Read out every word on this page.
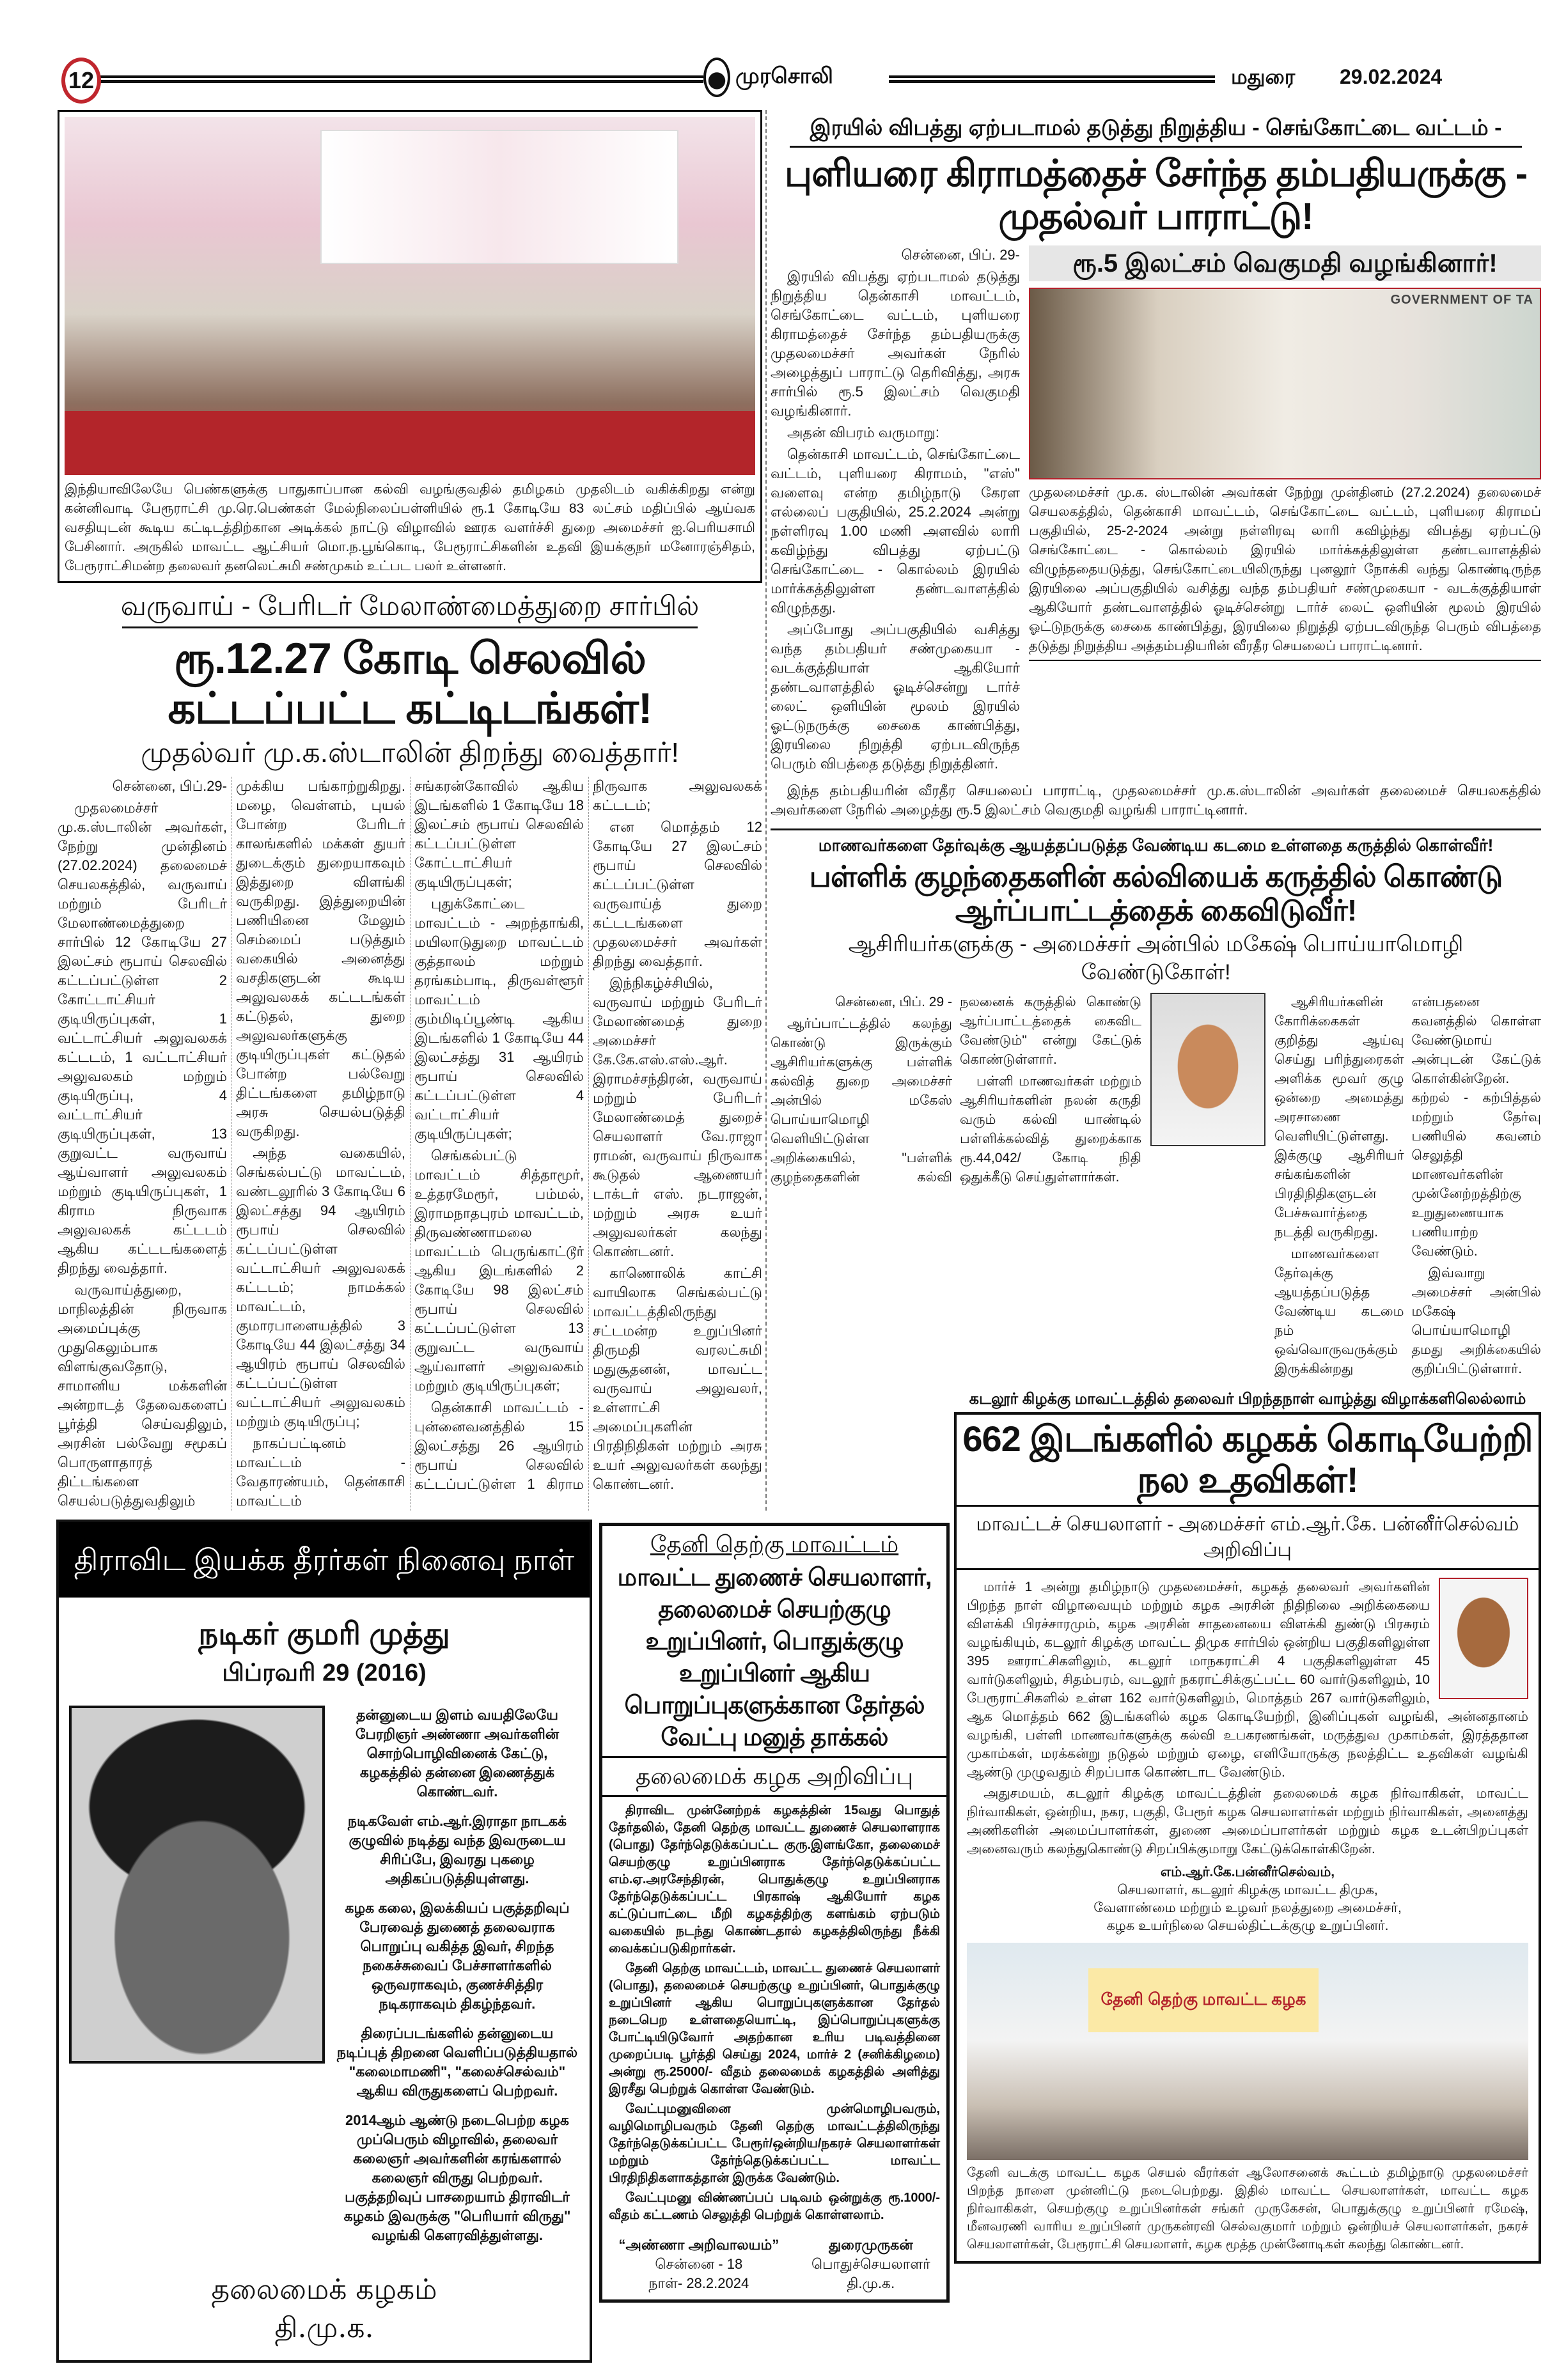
12	முரசொலி	மதுரை 29.02.2024
இந்தியாவிலேயே பெண்களுக்கு பாதுகாப்பான கல்வி வழங்குவதில் தமிழகம் முதலிடம் வகிக்கிறது என்று கன்னிவாடி பேரூராட்சி மு.ரெ.பெண்கள் மேல்நிலைப்பள்ளியில் ரூ.1 கோடியே 83 லட்சம் மதிப்பில் ஆய்வக வசதியுடன் கூடிய கட்டிடத்திற்கான அடிக்கல் நாட்டு விழாவில் ஊரக வளர்ச்சி துறை அமைச்சர் ஐ.பெரியசாமி பேசினார். அருகில் மாவட்ட ஆட்சியர் மொ.ந.பூங்கொடி, பேரூராட்சிகளின் உதவி இயக்குநர் மனோரஞ்சிதம், பேரூராட்சிமன்ற தலைவர் தனலெட்சுமி சண்முகம் உட்பட பலர் உள்ளனர்.
வருவாய் - பேரிடர் மேலாண்மைத்துறை சார்பில்
ரூ.12.27 கோடி செலவில் கட்டப்பட்ட கட்டிடங்கள்!
முதல்வர் மு.க.ஸ்டாலின் திறந்து வைத்தார்!

சென்னை, பிப்.29-

முதலமைச்சர் மு.க.ஸ்டாலின் அவர்கள், நேற்று முன்தினம் (27.02.2024) தலைமைச் செயலகத்தில், வருவாய் மற்றும் பேரிடர் மேலாண்மைத்துறை சார்பில் 12 கோடியே 27 இலட்சம் ரூபாய் செலவில் கட்டப்பட்டுள்ள 2 கோட்டாட்சியர் குடியிருப்புகள், 1 வட்டாட்சியர் அலுவலகக் கட்டடம், 1 வட்டாட்சியர் அலுவலகம் மற்றும் குடியிருப்பு, 4 வட்டாட்சியர் குடியிருப்புகள், 13 குறுவட்ட வருவாய் ஆய்வாளர் அலுவலகம் மற்றும் குடியிருப்புகள், 1 கிராம நிருவாக அலுவலகக் கட்டடம் ஆகிய கட்டடங்களைத் திறந்து வைத்தார்.

வருவாய்த்துறை, மாநிலத்தின் நிருவாக அமைப்புக்கு முதுகெலும்பாக விளங்குவதோடு, சாமானிய மக்களின் அன்றாடத் தேவைகளைப் பூர்த்தி செய்வதிலும், அரசின் பல்வேறு சமூகப் பொருளாதாரத் திட்டங்களை செயல்படுத்துவதிலும் முக்கிய பங்காற்றுகிறது. மழை, வெள்ளம், புயல் போன்ற பேரிடர் காலங்களில் மக்கள் துயர் துடைக்கும் துறையாகவும் இத்துறை விளங்கி வருகிறது. இத்துறையின் பணியினை மேலும் செம்மைப் படுத்தும் வகையில் அனைத்து வசதிகளுடன் கூடிய அலுவலகக் கட்டடங்கள் கட்டுதல், துறை அலுவலர்களுக்கு குடியிருப்புகள் கட்டுதல் போன்ற பல்வேறு திட்டங்களை தமிழ்நாடு அரசு செயல்படுத்தி வருகிறது.

அந்த வகையில், செங்கல்பட்டு மாவட்டம், வண்டலூரில் 3 கோடியே 6 இலட்சத்து 94 ஆயிரம் ரூபாய் செலவில் கட்டப்பட்டுள்ள வட்டாட்சியர் அலுவலகக் கட்டடம்; நாமக்கல் மாவட்டம், குமாரபாளையத்தில் 3 கோடியே 44 இலட்சத்து 34 ஆயிரம் ரூபாய் செலவில் கட்டப்பட்டுள்ள வட்டாட்சியர் அலுவலகம் மற்றும் குடியிருப்பு;

நாகப்பட்டினம் மாவட்டம் - வேதாரண்யம், தென்காசி மாவட்டம் சங்கரன்கோவில் ஆகிய இடங்களில் 1 கோடியே 18 இலட்சம் ரூபாய் செலவில் கட்டப்பட்டுள்ள கோட்டாட்சியர் குடியிருப்புகள்;

புதுக்கோட்டை மாவட்டம் - அறந்தாங்கி, மயிலாடுதுறை மாவட்டம் குத்தாலம் மற்றும் தரங்கம்பாடி, திருவள்ளூர் மாவட்டம் கும்மிடிப்பூண்டி ஆகிய இடங்களில் 1 கோடியே 44 இலட்சத்து 31 ஆயிரம் ரூபாய் செலவில் கட்டப்பட்டுள்ள 4 வட்டாட்சியர் குடியிருப்புகள்;

செங்கல்பட்டு மாவட்டம் சித்தாமூர், உத்தரமேரூர், பம்மல், இராமநாதபுரம் மாவட்டம், திருவண்ணாமலை மாவட்டம் பெருங்காட்டூர் ஆகிய இடங்களில் 2 கோடியே 98 இலட்சம் ரூபாய் செலவில் கட்டப்பட்டுள்ள 13 குறுவட்ட வருவாய் ஆய்வாளர் அலுவலகம் மற்றும் குடியிருப்புகள்;

தென்காசி மாவட்டம் - புன்னைவனத்தில் 15 இலட்சத்து 26 ஆயிரம் ரூபாய் செலவில் கட்டப்பட்டுள்ள 1 கிராம நிருவாக அலுவலகக் கட்டடம்;

என மொத்தம் 12 கோடியே 27 இலட்சம் ரூபாய் செலவில் கட்டப்பட்டுள்ள வருவாய்த் துறை கட்டடங்களை முதலமைச்சர் அவர்கள் திறந்து வைத்தார்.

இந்நிகழ்ச்சியில், வருவாய் மற்றும் பேரிடர் மேலாண்மைத் துறை அமைச்சர் கே.கே.எஸ்.எஸ்.ஆர். இராமச்சந்திரன், வருவாய் மற்றும் பேரிடர் மேலாண்மைத் துறைச் செயலாளர் வே.ராஜா ராமன், வருவாய் நிருவாக கூடுதல் ஆணையர் டாக்டர் எஸ். நடராஜன், மற்றும் அரசு உயர் அலுவலர்கள் கலந்து கொண்டனர்.

காணொலிக் காட்சி வாயிலாக செங்கல்பட்டு மாவட்டத்திலிருந்து சட்டமன்ற உறுப்பினர் திருமதி வரலட்சுமி மதுசூதனன், மாவட்ட வருவாய் அலுவலர், உள்ளாட்சி அமைப்புகளின் பிரதிநிதிகள் மற்றும் அரசு உயர் அலுவலர்கள் கலந்து கொண்டனர்.

இரயில் விபத்து ஏற்படாமல் தடுத்து நிறுத்திய - செங்கோட்டை வட்டம் -
புளியரை கிராமத்தைச் சேர்ந்த தம்பதியருக்கு - முதல்வர் பாராட்டு!

சென்னை, பிப். 29-

இரயில் விபத்து ஏற்படாமல் தடுத்து நிறுத்திய தென்காசி மாவட்டம், செங்கோட்டை வட்டம், புளியரை கிராமத்தைச் சேர்ந்த தம்பதியருக்கு முதலமைச்சர் அவர்கள் நேரில் அழைத்துப் பாராட்டு தெரிவித்து, அரசு சார்பில் ரூ.5 இலட்சம் வெகுமதி வழங்கினார்.

அதன் விபரம் வருமாறு:

தென்காசி மாவட்டம், செங்கோட்டை வட்டம், புளியரை கிராமம், "எஸ்" வளைவு என்ற தமிழ்நாடு கேரள எல்லைப் பகுதியில், 25.2.2024 அன்று நள்ளிரவு 1.00 மணி அளவில் லாரி கவிழ்ந்து விபத்து ஏற்பட்டு செங்கோட்டை - கொல்லம் இரயில் மார்க்கத்திலுள்ள தண்டவாளத்தில் விழுந்தது.

அப்போது அப்பகுதியில் வசித்து வந்த தம்பதியர் சண்முகையா - வடக்குத்தியாள் ஆகியோர் தண்டவாளத்தில் ஓடிச்சென்று டார்ச் லைட் ஒளியின் மூலம் இரயில் ஓட்டுநருக்கு சைகை காண்பித்து, இரயிலை நிறுத்தி ஏற்படவிருந்த பெரும் விபத்தை தடுத்து நிறுத்தினர்.

ரூ.5 இலட்சம் வெகுமதி வழங்கினார்!
GOVERNMENT OF TA
முதலமைச்சர் மு.க. ஸ்டாலின் அவர்கள் நேற்று முன்தினம் (27.2.2024) தலைமைச் செயலகத்தில், தென்காசி மாவட்டம், செங்கோட்டை வட்டம், புளியரை கிராமப் பகுதியில், 25-2-2024 அன்று நள்ளிரவு லாரி கவிழ்ந்து விபத்து ஏற்பட்டு செங்கோட்டை - கொல்லம் இரயில் மார்க்கத்திலுள்ள தண்டவாளத்தில் விழுந்ததையடுத்து, செங்கோட்டையிலிருந்து புனலூர் நோக்கி வந்து கொண்டிருந்த இரயிலை அப்பகுதியில் வசித்து வந்த தம்பதியர் சண்முகையா - வடக்குத்தியாள் ஆகியோர் தண்டவாளத்தில் ஓடிச்சென்று டார்ச் லைட் ஒளியின் மூலம் இரயில் ஓட்டுநருக்கு சைகை காண்பித்து, இரயிலை நிறுத்தி ஏற்படவிருந்த பெரும் விபத்தை தடுத்து நிறுத்திய அத்தம்பதியரின் வீரதீர செயலைப் பாராட்டினார்.

இந்த தம்பதியரின் வீரதீர செயலைப் பாராட்டி, முதலமைச்சர் மு.க.ஸ்டாலின் அவர்கள் தலைமைச் செயலகத்தில் அவர்களை நேரில் அழைத்து ரூ.5 இலட்சம் வெகுமதி வழங்கி பாராட்டினார்.

மாணவர்களை தேர்வுக்கு ஆயத்தப்படுத்த வேண்டிய கடமை உள்ளதை கருத்தில் கொள்வீர்!
பள்ளிக் குழந்தைகளின் கல்வியைக் கருத்தில் கொண்டு ஆர்ப்பாட்டத்தைக் கைவிடுவீர்!
ஆசிரியர்களுக்கு - அமைச்சர் அன்பில் மகேஷ் பொய்யாமொழி வேண்டுகோள்!

சென்னை, பிப். 29 -

ஆர்ப்பாட்டத்தில் கலந்து கொண்டு இருக்கும் ஆசிரியர்களுக்கு பள்ளிக் கல்வித் துறை அமைச்சர் அன்பில் மகேஸ் பொய்யாமொழி வெளியிட்டுள்ள அறிக்கையில், "பள்ளிக் குழந்தைகளின் கல்வி நலனைக் கருத்தில் கொண்டு ஆர்ப்பாட்டத்தைக் கைவிட வேண்டும்" என்று கேட்டுக் கொண்டுள்ளார்.

பள்ளி மாணவர்கள் மற்றும் ஆசிரியர்களின் நலன் கருதி வரும் கல்வி யாண்டில் பள்ளிக்கல்வித் துறைக்காக ரூ.44,042/ கோடி நிதி ஒதுக்கீடு செய்துள்ளார்கள்.

ஆசிரியர்களின் கோரிக்கைகள் குறித்து ஆய்வு செய்து பரிந்துரைகள் அளிக்க மூவர் குழு ஒன்றை அமைத்து அரசாணை வெளியிட்டுள்ளது. இக்குழு ஆசிரியர் சங்கங்களின் பிரதிநிதிகளுடன் பேச்சுவார்த்தை நடத்தி வருகிறது.

மாணவர்களை தேர்வுக்கு ஆயத்தப்படுத்த வேண்டிய கடமை நம் ஒவ்வொருவருக்கும் இருக்கின்றது என்பதனை கவனத்தில் கொள்ள வேண்டுமாய் அன்புடன் கேட்டுக் கொள்கின்றேன். கற்றல் - கற்பித்தல் மற்றும் தேர்வு பணியில் கவனம் செலுத்தி மாணவர்களின் முன்னேற்றத்திற்கு உறுதுணையாக பணியாற்ற வேண்டும்.

இவ்வாறு அமைச்சர் அன்பில் மகேஷ் பொய்யாமொழி தமது அறிக்கையில் குறிப்பிட்டுள்ளார்.

கடலூர் கிழக்கு மாவட்டத்தில் தலைவர் பிறந்தநாள் வாழ்த்து விழாக்களிலெல்லாம்
662 இடங்களில் கழகக் கொடியேற்றி நல உதவிகள்!
மாவட்டச் செயலாளர் - அமைச்சர் எம்.ஆர்.கே. பன்னீர்செல்வம் அறிவிப்பு

மார்ச் 1 அன்று தமிழ்நாடு முதலமைச்சர், கழகத் தலைவர் அவர்களின் பிறந்த நாள் விழாவையும் மற்றும் கழக அரசின் நிதிநிலை அறிக்கையை விளக்கி பிரச்சாரமும், கழக அரசின் சாதனையை விளக்கி துண்டு பிரசுரம் வழங்கியும், கடலூர் கிழக்கு மாவட்ட திமுக சார்பில் ஒன்றிய பகுதிகளிலுள்ள 395 ஊராட்சிகளிலும், கடலூர் மாநகராட்சி 4 பகுதிகளிலுள்ள 45 வார்டுகளிலும், சிதம்பரம், வடலூர் நகராட்சிக்குட்பட்ட 60 வார்டுகளிலும், 10 பேரூராட்சிகளில் உள்ள 162 வார்டுகளிலும், மொத்தம் 267 வார்டுகளிலும், ஆக மொத்தம் 662 இடங்களில் கழக கொடியேற்றி, இனிப்புகள் வழங்கி, அன்னதானம் வழங்கி, பள்ளி மாணவர்களுக்கு கல்வி உபகரணங்கள், மருத்துவ முகாம்கள், இரத்ததான முகாம்கள், மரக்கன்று நடுதல் மற்றும் ஏழை, எளியோருக்கு நலத்திட்ட உதவிகள் வழங்கி ஆண்டு முழுவதும் சிறப்பாக கொண்டாட வேண்டும்.

அதுசமயம், கடலூர் கிழக்கு மாவட்டத்தின் தலைமைக் கழக நிர்வாகிகள், மாவட்ட நிர்வாகிகள், ஒன்றிய, நகர, பகுதி, பேரூர் கழக செயலாளர்கள் மற்றும் நிர்வாகிகள், அனைத்து அணிகளின் அமைப்பாளர்கள், துணை அமைப்பாளர்கள் மற்றும் கழக உடன்பிறப்புகள் அனைவரும் கலந்துகொண்டு சிறப்பிக்குமாறு கேட்டுக்கொள்கிறேன்.

எம்.ஆர்.கே.பன்னீர்செல்வம்,
செயலாளர், கடலூர் கிழக்கு மாவட்ட திமுக,
வேளாண்மை மற்றும் உழவர் நலத்துறை அமைச்சர்,
கழக உயர்நிலை செயல்திட்டக்குழு உறுப்பினர்.
தேனி தெற்கு மாவட்ட கழக
தேனி வடக்கு மாவட்ட கழக செயல் வீரர்கள் ஆலோசனைக் கூட்டம் தமிழ்நாடு முதலமைச்சர் பிறந்த நாளை முன்னிட்டு நடைபெற்றது. இதில் மாவட்ட செயலாளர்கள், மாவட்ட கழக நிர்வாகிகள், செயற்குழு உறுப்பினர்கள் சங்கர் முருகேசன், பொதுக்குழு உறுப்பினர் ரமேஷ், மீனவரணி வாரிய உறுப்பினர் முருகன்ரவி செல்வகுமார் மற்றும் ஒன்றியச் செயலாளர்கள், நகரச் செயலாளர்கள், பேரூராட்சி செயலாளர், கழக மூத்த முன்னோடிகள் கலந்து கொண்டனர்.
திராவிட இயக்க தீரர்கள் நினைவு நாள்
நடிகர் குமரி முத்து
பிப்ரவரி 29 (2016)

தன்னுடைய இளம் வயதிலேயே பேரறிஞர் அண்ணா அவர்களின் சொற்பொழிவினைக் கேட்டு, கழகத்தில் தன்னை இணைத்துக் கொண்டவர்.

நடிகவேள் எம்.ஆர்.இராதா நாடகக் குழுவில் நடித்து வந்த இவருடைய சிரிப்பே, இவரது புகழை அதிகப்படுத்தியுள்ளது.

கழக கலை, இலக்கியப் பகுத்தறிவுப் பேரவைத் துணைத் தலைவராக பொறுப்பு வகித்த இவர், சிறந்த நகைச்சுவைப் பேச்சாளர்களில் ஒருவராகவும், குணச்சித்திர நடிகராகவும் திகழ்ந்தவர்.

திரைப்படங்களில் தன்னுடைய நடிப்புத் திறனை வெளிப்படுத்தியதால் "கலைமாமணி", "கலைச்செல்வம்" ஆகிய விருதுகளைப் பெற்றவர்.

2014ஆம் ஆண்டு நடைபெற்ற கழக முப்பெரும் விழாவில், தலைவர் கலைஞர் அவர்களின் கரங்களால் கலைஞர் விருது பெற்றவர்.

பகுத்தறிவுப் பாசறையாம் திராவிடர் கழகம் இவருக்கு "பெரியார் விருது" வழங்கி கௌரவித்துள்ளது.

தலைமைக் கழகம்
தி.மு.க.
தேனி தெற்கு மாவட்டம்
மாவட்ட துணைச் செயலாளர், தலைமைச் செயற்குழு உறுப்பினர், பொதுக்குழு உறுப்பினர் ஆகிய பொறுப்புகளுக்கான தேர்தல் வேட்பு மனுத் தாக்கல்
தலைமைக் கழக அறிவிப்பு

திராவிட முன்னேற்றக் கழகத்தின் 15வது பொதுத் தேர்தலில், தேனி தெற்கு மாவட்ட துணைச் செயலாளராக (பொது) தேர்ந்தெடுக்கப்பட்ட குரு.இளங்கோ, தலைமைச் செயற்குழு உறுப்பினராக தேர்ந்தெடுக்கப்பட்ட எம்.ஏ.அரசேந்திரன், பொதுக்குழு உறுப்பினராக தேர்ந்தெடுக்கப்பட்ட பிரகாஷ் ஆகியோர் கழக கட்டுப்பாட்டை மீறி கழகத்திற்கு களங்கம் ஏற்படும் வகையில் நடந்து கொண்டதால் கழகத்திலிருந்து நீக்கி வைக்கப்படுகிறார்கள்.

தேனி தெற்கு மாவட்டம், மாவட்ட துணைச் செயலாளர் (பொது), தலைமைச் செயற்குழு உறுப்பினர், பொதுக்குழு உறுப்பினர் ஆகிய பொறுப்புகளுக்கான தேர்தல் நடைபெற உள்ளதையொட்டி, இப்பொறுப்புகளுக்கு போட்டியிடுவோர் அதற்கான உரிய படிவத்தினை முறைப்படி பூர்த்தி செய்து 2024, மார்ச் 2 (சனிக்கிழமை) அன்று ரூ.25000/- வீதம் தலைமைக் கழகத்தில் அளித்து இரசீது பெற்றுக் கொள்ள வேண்டும்.

வேட்புமனுவினை முன்மொழிபவரும், வழிமொழிபவரும் தேனி தெற்கு மாவட்டத்திலிருந்து தேர்ந்தெடுக்கப்பட்ட பேரூர்/ஒன்றிய/நகரச் செயலாளர்கள் மற்றும் தேர்ந்தெடுக்கப்பட்ட மாவட்ட பிரதிநிதிகளாகத்தான் இருக்க வேண்டும்.

வேட்புமனு விண்ணப்பப் படிவம் ஒன்றுக்கு ரூ.1000/- வீதம் கட்டணம் செலுத்தி பெற்றுக் கொள்ளலாம்.

“அண்ணா அறிவாலயம்”
சென்னை - 18
நாள்- 28.2.2024
துரைமுருகன்
பொதுச்செயலாளர்
தி.மு.க.
